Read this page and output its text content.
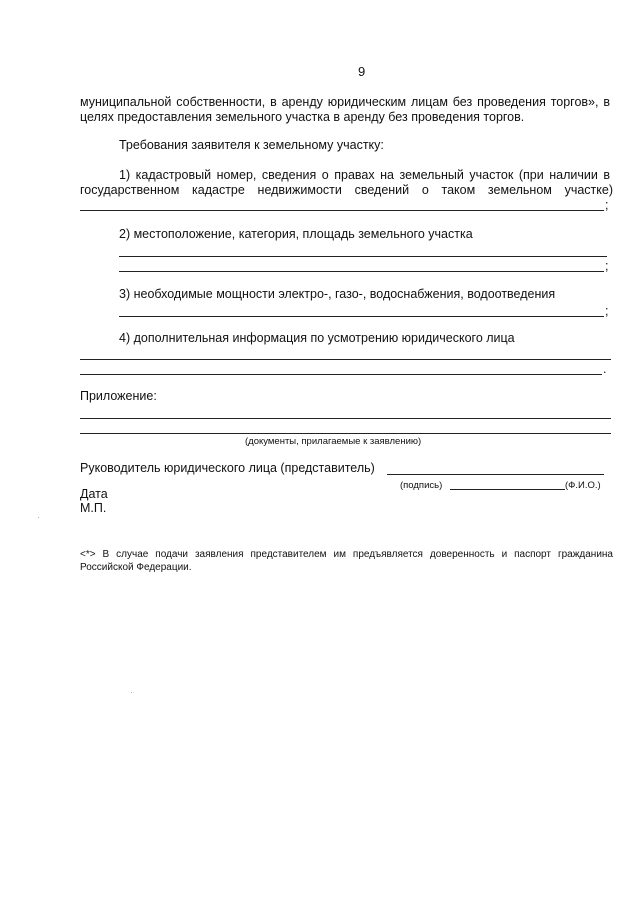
9
муниципальной собственности, в аренду юридическим лицам без проведения торгов», в
целях предоставления земельного участка в аренду без проведения торгов.
Требования заявителя к земельному участку:
1) кадастровый номер, сведения о правах на земельный участок (при наличии в
государственном кадастре недвижимости сведений о таком земельном участке)
;
2) местоположение, категория, площадь земельного участка
;
3) необходимые мощности электро-, газо-, водоснабжения, водоотведения
;
4) дополнительная информация по усмотрению юридического лица
.
Приложение:
(документы, прилагаемые к заявлению)
Руководитель юридического лица (представитель)
(подпись)	(Ф.И.О.)
Дата
М.П.
<*> В случае подачи заявления представителем им предъявляется доверенность и паспорт гражданина
Российской Федерации.
